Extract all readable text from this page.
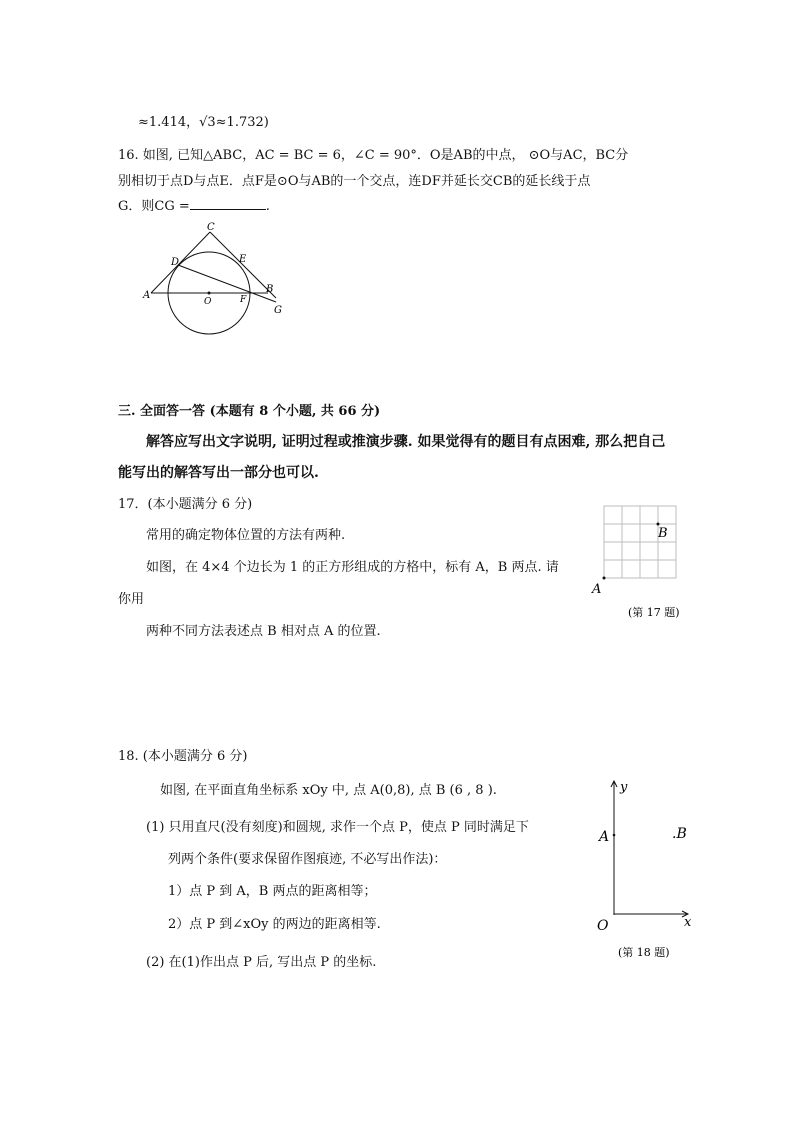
≈1.414，√3≈1.732)
16. 如图, 已知△ABC，AC = BC = 6，∠C = 90°．O是AB的中点， ⊙O与AC，BC分
别相切于点D与点E．点F是⊙O与AB的一个交点，连DF并延长交CB的延长线于点
G．则CG =	.
C
D	E
A
O	F
B
G
三. 全面答一答 (本题有 8 个小题, 共 66 分)
解答应写出文字说明, 证明过程或推演步骤. 如果觉得有的题目有点困难, 那么把自己
能写出的解答写出一部分也可以.
17．(本小题满分 6 分)
常用的确定物体位置的方法有两种.
如图，在 4×4 个边长为 1 的正方形组成的方格中，标有 A，B 两点. 请
你用
两种不同方法表述点 B 相对点 A 的位置.
A
B
(第 17 题)
18. (本小题满分 6 分)
如图, 在平面直角坐标系 xOy 中, 点 A(0,8), 点 B (6 , 8 ).
(1) 只用直尺(没有刻度)和圆规, 求作一个点 P，使点 P 同时满足下
列两个条件(要求保留作图痕迹, 不必写出作法)：
1）点 P 到 A，B 两点的距离相等；
2）点 P 到∠xOy 的两边的距离相等.
(2) 在(1)作出点 P 后, 写出点 P 的坐标.
y
A	.B
O	x
(第 18 题)
